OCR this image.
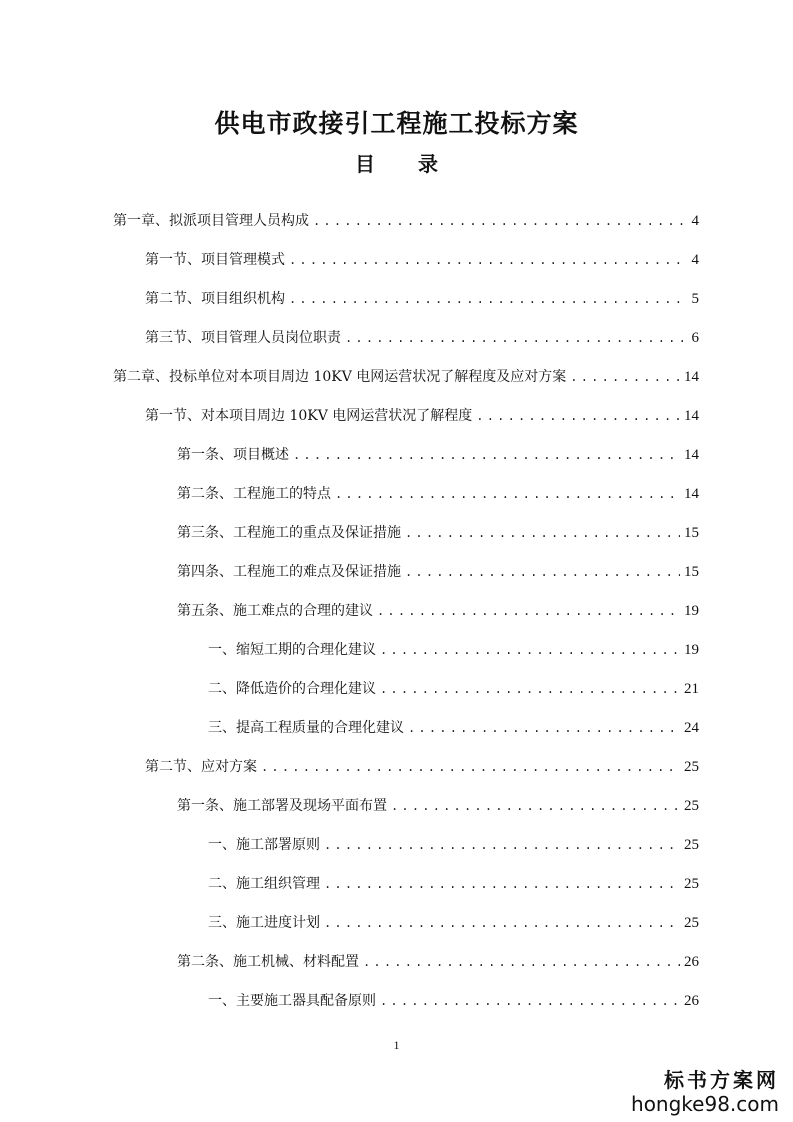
供电市政接引工程施工投标方案
目 录
第一章、拟派项目管理人员构成 .....	4
第一节、项目管理模式 .....	4
第二节、项目组织机构 .....	5
第三节、项目管理人员岗位职责 .....	6
第二章、投标单位对本项目周边 10KV 电网运营状况了解程度及应对方案 .....	14
第一节、对本项目周边 10KV 电网运营状况了解程度 .....	14
第一条、项目概述 .....	14
第二条、工程施工的特点 .....	14
第三条、工程施工的重点及保证措施 .....	15
第四条、工程施工的难点及保证措施 .....	15
第五条、施工难点的合理的建议 .....	19
一、缩短工期的合理化建议 .....	19
二、降低造价的合理化建议 .....	21
三、提高工程质量的合理化建议 .....	24
第二节、应对方案 .....	25
第一条、施工部署及现场平面布置 .....	25
一、施工部署原则 .....	25
二、施工组织管理 .....	25
三、施工进度计划 .....	25
第二条、施工机械、材料配置 .....	26
一、主要施工器具配备原则 .....	26
1
标书方案网
hongke98.com
